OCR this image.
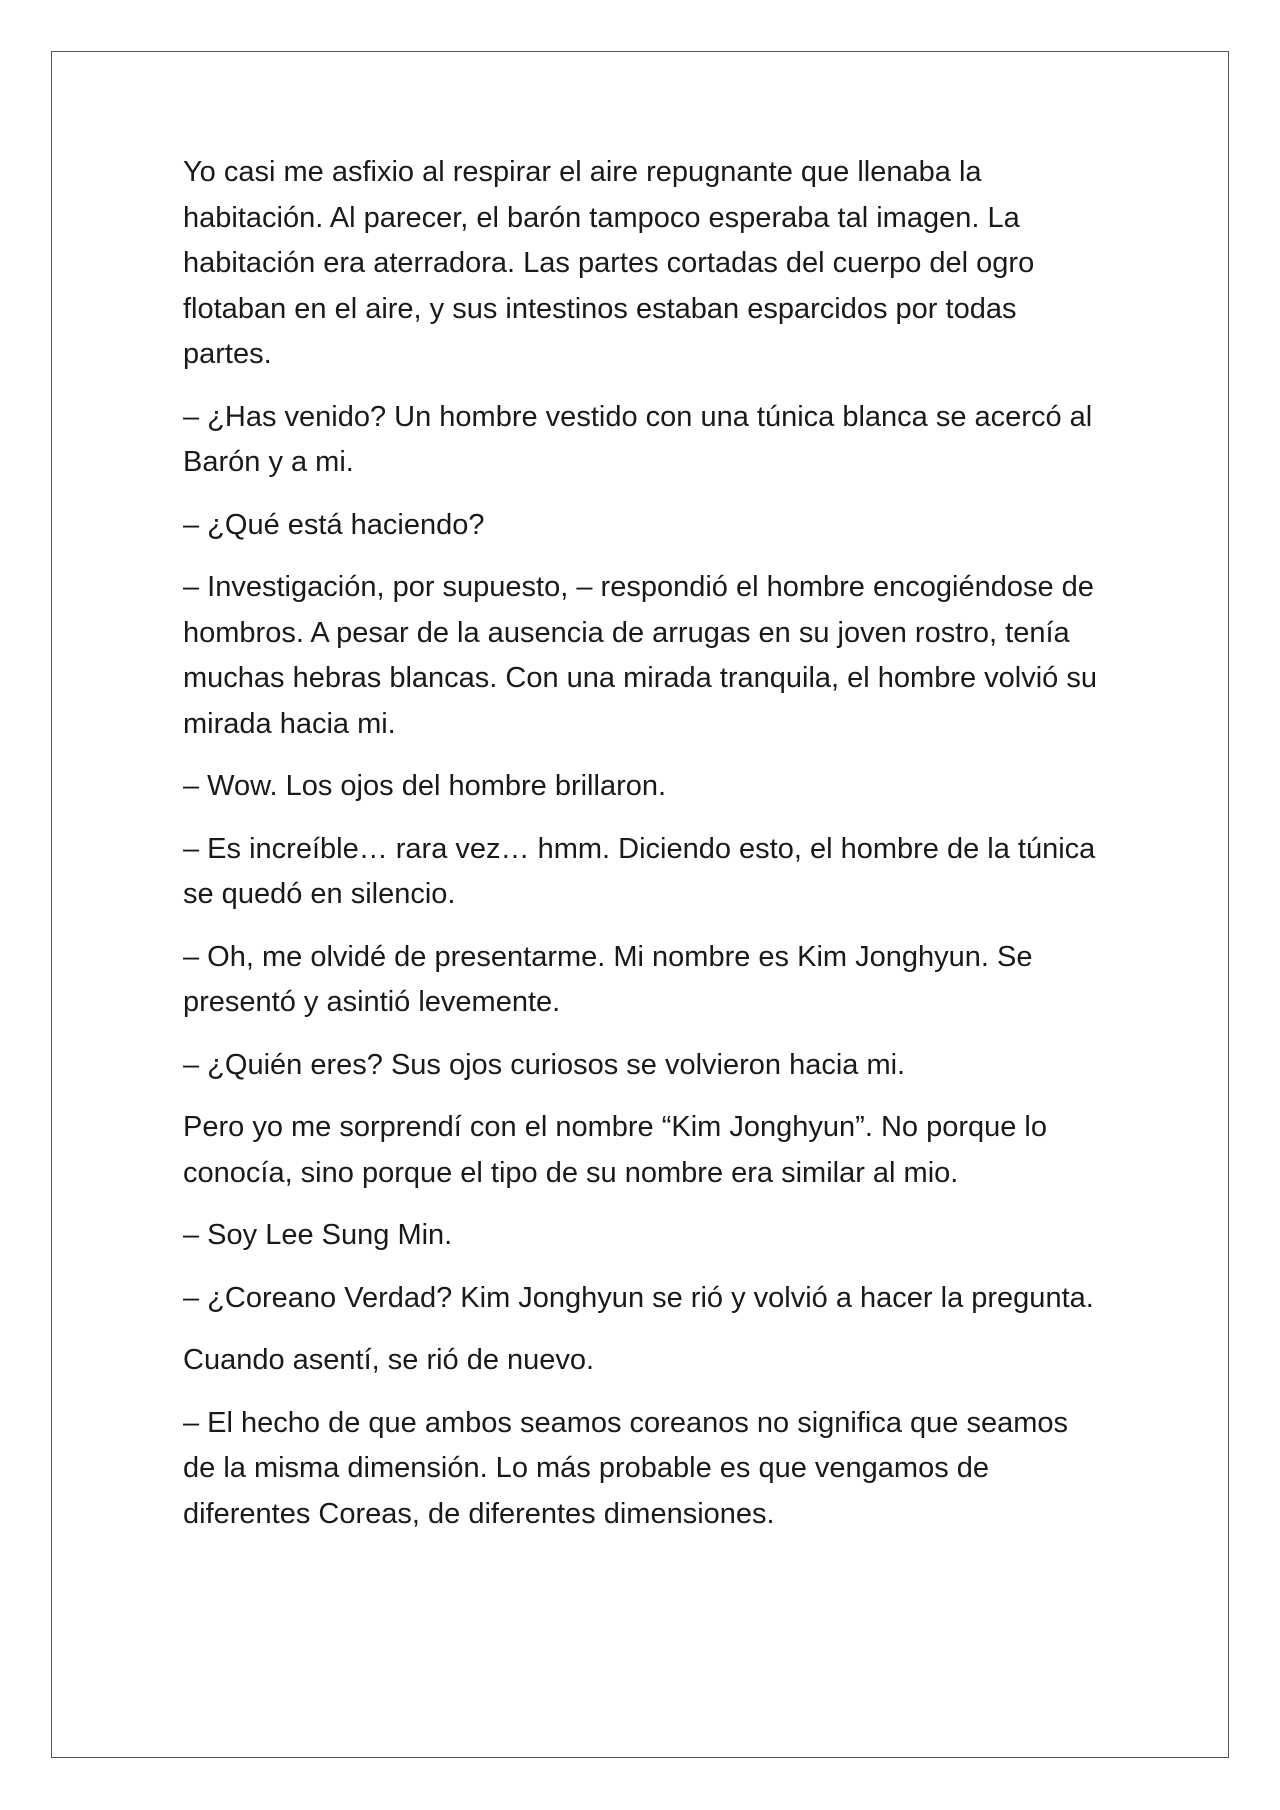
Yo casi me asfixio al respirar el aire repugnante que llenaba la habitación. Al parecer, el barón tampoco esperaba tal imagen. La habitación era aterradora. Las partes cortadas del cuerpo del ogro flotaban en el aire, y sus intestinos estaban esparcidos por todas partes.

– ¿Has venido? Un hombre vestido con una túnica blanca se acercó al Barón y a mi.

– ¿Qué está haciendo?

– Investigación, por supuesto, – respondió el hombre encogiéndose de hombros. A pesar de la ausencia de arrugas en su joven rostro, tenía muchas hebras blancas. Con una mirada tranquila, el hombre volvió su mirada hacia mi.

– Wow. Los ojos del hombre brillaron.

– Es increíble… rara vez… hmm. Diciendo esto, el hombre de la túnica se quedó en silencio.

– Oh, me olvidé de presentarme. Mi nombre es Kim Jonghyun. Se presentó y asintió levemente.

– ¿Quién eres? Sus ojos curiosos se volvieron hacia mi.

Pero yo me sorprendí con el nombre “Kim Jonghyun”. No porque lo conocía, sino porque el tipo de su nombre era similar al mio.

– Soy Lee Sung Min.

– ¿Coreano Verdad? Kim Jonghyun se rió y volvió a hacer la pregunta.

Cuando asentí, se rió de nuevo.

– El hecho de que ambos seamos coreanos no significa que seamos de la misma dimensión. Lo más probable es que vengamos de diferentes Coreas, de diferentes dimensiones.
